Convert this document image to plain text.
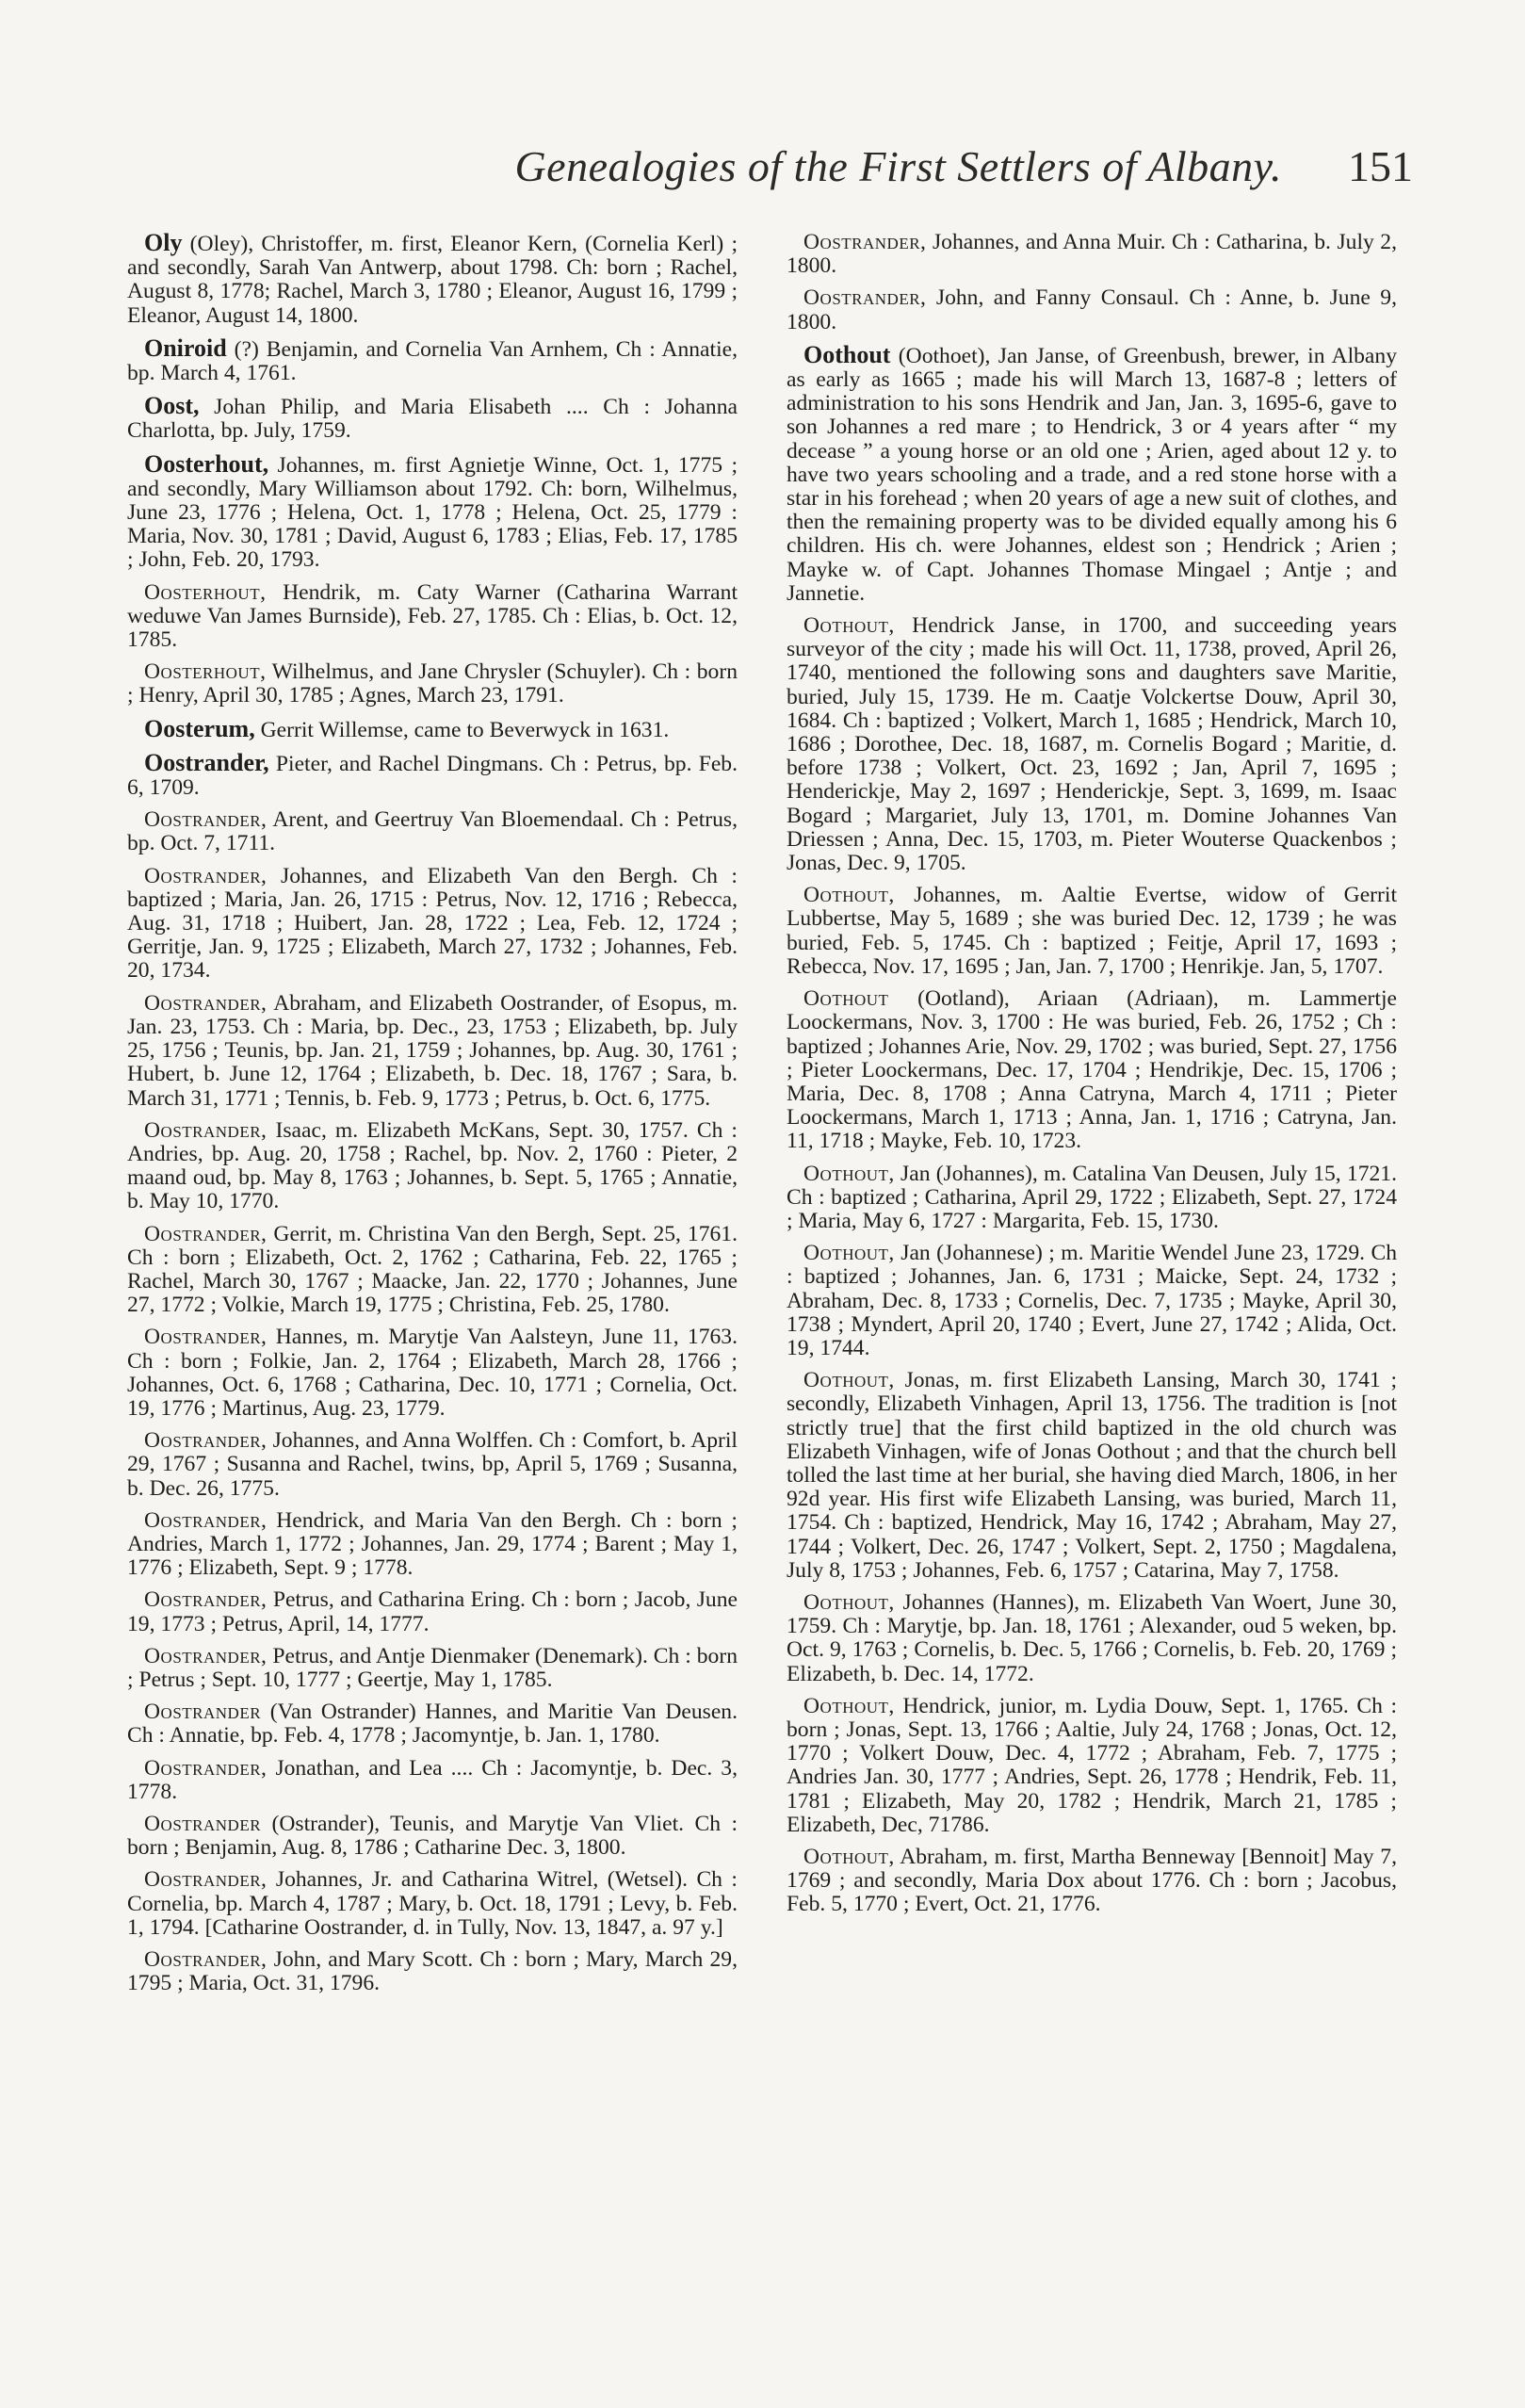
Genealogies of the First Settlers of Albany. 151

Oly (Oley), Christoffer, m. first, Eleanor Kern, (Cornelia Kerl) ; and secondly, Sarah Van Antwerp, about 1798. Ch: born ; Rachel, August 8, 1778; Rachel, March 3, 1780 ; Eleanor, August 16, 1799 ; Eleanor, August 14, 1800.

Oniroid (?) Benjamin, and Cornelia Van Arnhem, Ch : Annatie, bp. March 4, 1761.

Oost, Johan Philip, and Maria Elisabeth .... Ch : Johanna Charlotta, bp. July, 1759.

Oosterhout, Johannes, m. first Agnietje Winne, Oct. 1, 1775 ; and secondly, Mary Williamson about 1792. Ch: born, Wilhelmus, June 23, 1776 ; Helena, Oct. 1, 1778 ; Helena, Oct. 25, 1779 : Maria, Nov. 30, 1781 ; David, August 6, 1783 ; Elias, Feb. 17, 1785 ; John, Feb. 20, 1793.

Oosterhout, Hendrik, m. Caty Warner (Catharina Warrant weduwe Van James Burnside), Feb. 27, 1785. Ch : Elias, b. Oct. 12, 1785.

Oosterhout, Wilhelmus, and Jane Chrysler (Schuyler). Ch : born ; Henry, April 30, 1785 ; Agnes, March 23, 1791.

Oosterum, Gerrit Willemse, came to Beverwyck in 1631.

Oostrander, Pieter, and Rachel Dingmans. Ch : Petrus, bp. Feb. 6, 1709.

Oostrander, Arent, and Geertruy Van Bloemendaal. Ch : Petrus, bp. Oct. 7, 1711.

Oostrander, Johannes, and Elizabeth Van den Bergh. Ch : baptized ; Maria, Jan. 26, 1715 : Petrus, Nov. 12, 1716 ; Rebecca, Aug. 31, 1718 ; Huibert, Jan. 28, 1722 ; Lea, Feb. 12, 1724 ; Gerritje, Jan. 9, 1725 ; Elizabeth, March 27, 1732 ; Johannes, Feb. 20, 1734.

Oostrander, Abraham, and Elizabeth Oostrander, of Esopus, m. Jan. 23, 1753. Ch : Maria, bp. Dec., 23, 1753 ; Elizabeth, bp. July 25, 1756 ; Teunis, bp. Jan. 21, 1759 ; Johannes, bp. Aug. 30, 1761 ; Hubert, b. June 12, 1764 ; Elizabeth, b. Dec. 18, 1767 ; Sara, b. March 31, 1771 ; Tennis, b. Feb. 9, 1773 ; Petrus, b. Oct. 6, 1775.

Oostrander, Isaac, m. Elizabeth McKans, Sept. 30, 1757. Ch : Andries, bp. Aug. 20, 1758 ; Rachel, bp. Nov. 2, 1760 : Pieter, 2 maand oud, bp. May 8, 1763 ; Johannes, b. Sept. 5, 1765 ; Annatie, b. May 10, 1770.

Oostrander, Gerrit, m. Christina Van den Bergh, Sept. 25, 1761. Ch : born ; Elizabeth, Oct. 2, 1762 ; Catharina, Feb. 22, 1765 ; Rachel, March 30, 1767 ; Maacke, Jan. 22, 1770 ; Johannes, June 27, 1772 ; Volkie, March 19, 1775 ; Christina, Feb. 25, 1780.

Oostrander, Hannes, m. Marytje Van Aalsteyn, June 11, 1763. Ch : born ; Folkie, Jan. 2, 1764 ; Elizabeth, March 28, 1766 ; Johannes, Oct. 6, 1768 ; Catharina, Dec. 10, 1771 ; Cornelia, Oct. 19, 1776 ; Martinus, Aug. 23, 1779.

Oostrander, Johannes, and Anna Wolffen. Ch : Comfort, b. April 29, 1767 ; Susanna and Rachel, twins, bp, April 5, 1769 ; Susanna, b. Dec. 26, 1775.

Oostrander, Hendrick, and Maria Van den Bergh. Ch : born ; Andries, March 1, 1772 ; Johannes, Jan. 29, 1774 ; Barent ; May 1, 1776 ; Elizabeth, Sept. 9 ; 1778.

Oostrander, Petrus, and Catharina Ering. Ch : born ; Jacob, June 19, 1773 ; Petrus, April, 14, 1777.

Oostrander, Petrus, and Antje Dienmaker (Denemark). Ch : born ; Petrus ; Sept. 10, 1777 ; Geertje, May 1, 1785.

Oostrander (Van Ostrander) Hannes, and Maritie Van Deusen. Ch : Annatie, bp. Feb. 4, 1778 ; Jacomyntje, b. Jan. 1, 1780.

Oostrander, Jonathan, and Lea .... Ch : Jacomyntje, b. Dec. 3, 1778.

Oostrander (Ostrander), Teunis, and Marytje Van Vliet. Ch : born ; Benjamin, Aug. 8, 1786 ; Catharine Dec. 3, 1800.

Oostrander, Johannes, Jr. and Catharina Witrel, (Wetsel). Ch : Cornelia, bp. March 4, 1787 ; Mary, b. Oct. 18, 1791 ; Levy, b. Feb. 1, 1794. [Catharine Oostrander, d. in Tully, Nov. 13, 1847, a. 97 y.]

Oostrander, John, and Mary Scott. Ch : born ; Mary, March 29, 1795 ; Maria, Oct. 31, 1796.

Oostrander, Johannes, and Anna Muir. Ch : Catharina, b. July 2, 1800.

Oostrander, John, and Fanny Consaul. Ch : Anne, b. June 9, 1800.

Oothout (Oothoet), Jan Janse, of Greenbush, brewer, in Albany as early as 1665 ; made his will March 13, 1687-8 ; letters of administration to his sons Hendrik and Jan, Jan. 3, 1695-6, gave to son Johannes a red mare ; to Hendrick, 3 or 4 years after “ my decease ” a young horse or an old one ; Arien, aged about 12 y. to have two years schooling and a trade, and a red stone horse with a star in his forehead ; when 20 years of age a new suit of clothes, and then the remaining property was to be divided equally among his 6 children. His ch. were Johannes, eldest son ; Hendrick ; Arien ; Mayke w. of Capt. Johannes Thomase Mingael ; Antje ; and Jannetie.

Oothout, Hendrick Janse, in 1700, and succeeding years surveyor of the city ; made his will Oct. 11, 1738, proved, April 26, 1740, mentioned the following sons and daughters save Maritie, buried, July 15, 1739. He m. Caatje Volckertse Douw, April 30, 1684. Ch : baptized ; Volkert, March 1, 1685 ; Hendrick, March 10, 1686 ; Dorothee, Dec. 18, 1687, m. Cornelis Bogard ; Maritie, d. before 1738 ; Volkert, Oct. 23, 1692 ; Jan, April 7, 1695 ; Henderickje, May 2, 1697 ; Henderickje, Sept. 3, 1699, m. Isaac Bogard ; Margariet, July 13, 1701, m. Domine Johannes Van Driessen ; Anna, Dec. 15, 1703, m. Pieter Wouterse Quackenbos ; Jonas, Dec. 9, 1705.

Oothout, Johannes, m. Aaltie Evertse, widow of Gerrit Lubbertse, May 5, 1689 ; she was buried Dec. 12, 1739 ; he was buried, Feb. 5, 1745. Ch : baptized ; Feitje, April 17, 1693 ; Rebecca, Nov. 17, 1695 ; Jan, Jan. 7, 1700 ; Henrikje. Jan, 5, 1707.

Oothout (Ootland), Ariaan (Adriaan), m. Lammertje Loockermans, Nov. 3, 1700 : He was buried, Feb. 26, 1752 ; Ch : baptized ; Johannes Arie, Nov. 29, 1702 ; was buried, Sept. 27, 1756 ; Pieter Loockermans, Dec. 17, 1704 ; Hendrikje, Dec. 15, 1706 ; Maria, Dec. 8, 1708 ; Anna Catryna, March 4, 1711 ; Pieter Loockermans, March 1, 1713 ; Anna, Jan. 1, 1716 ; Catryna, Jan. 11, 1718 ; Mayke, Feb. 10, 1723.

Oothout, Jan (Johannes), m. Catalina Van Deusen, July 15, 1721. Ch : baptized ; Catharina, April 29, 1722 ; Elizabeth, Sept. 27, 1724 ; Maria, May 6, 1727 : Margarita, Feb. 15, 1730.

Oothout, Jan (Johannese) ; m. Maritie Wendel June 23, 1729. Ch : baptized ; Johannes, Jan. 6, 1731 ; Maicke, Sept. 24, 1732 ; Abraham, Dec. 8, 1733 ; Cornelis, Dec. 7, 1735 ; Mayke, April 30, 1738 ; Myndert, April 20, 1740 ; Evert, June 27, 1742 ; Alida, Oct. 19, 1744.

Oothout, Jonas, m. first Elizabeth Lansing, March 30, 1741 ; secondly, Elizabeth Vinhagen, April 13, 1756. The tradition is [not strictly true] that the first child baptized in the old church was Elizabeth Vinhagen, wife of Jonas Oothout ; and that the church bell tolled the last time at her burial, she having died March, 1806, in her 92d year. His first wife Elizabeth Lansing, was buried, March 11, 1754. Ch : baptized, Hendrick, May 16, 1742 ; Abraham, May 27, 1744 ; Volkert, Dec. 26, 1747 ; Volkert, Sept. 2, 1750 ; Magdalena, July 8, 1753 ; Johannes, Feb. 6, 1757 ; Catarina, May 7, 1758.

Oothout, Johannes (Hannes), m. Elizabeth Van Woert, June 30, 1759. Ch : Marytje, bp. Jan. 18, 1761 ; Alexander, oud 5 weken, bp. Oct. 9, 1763 ; Cornelis, b. Dec. 5, 1766 ; Cornelis, b. Feb. 20, 1769 ; Elizabeth, b. Dec. 14, 1772.

Oothout, Hendrick, junior, m. Lydia Douw, Sept. 1, 1765. Ch : born ; Jonas, Sept. 13, 1766 ; Aaltie, July 24, 1768 ; Jonas, Oct. 12, 1770 ; Volkert Douw, Dec. 4, 1772 ; Abraham, Feb. 7, 1775 ; Andries Jan. 30, 1777 ; Andries, Sept. 26, 1778 ; Hendrik, Feb. 11, 1781 ; Elizabeth, May 20, 1782 ; Hendrik, March 21, 1785 ; Elizabeth, Dec, 71786.

Oothout, Abraham, m. first, Martha Benneway [Bennoit] May 7, 1769 ; and secondly, Maria Dox about 1776. Ch : born ; Jacobus, Feb. 5, 1770 ; Evert, Oct. 21, 1776.
